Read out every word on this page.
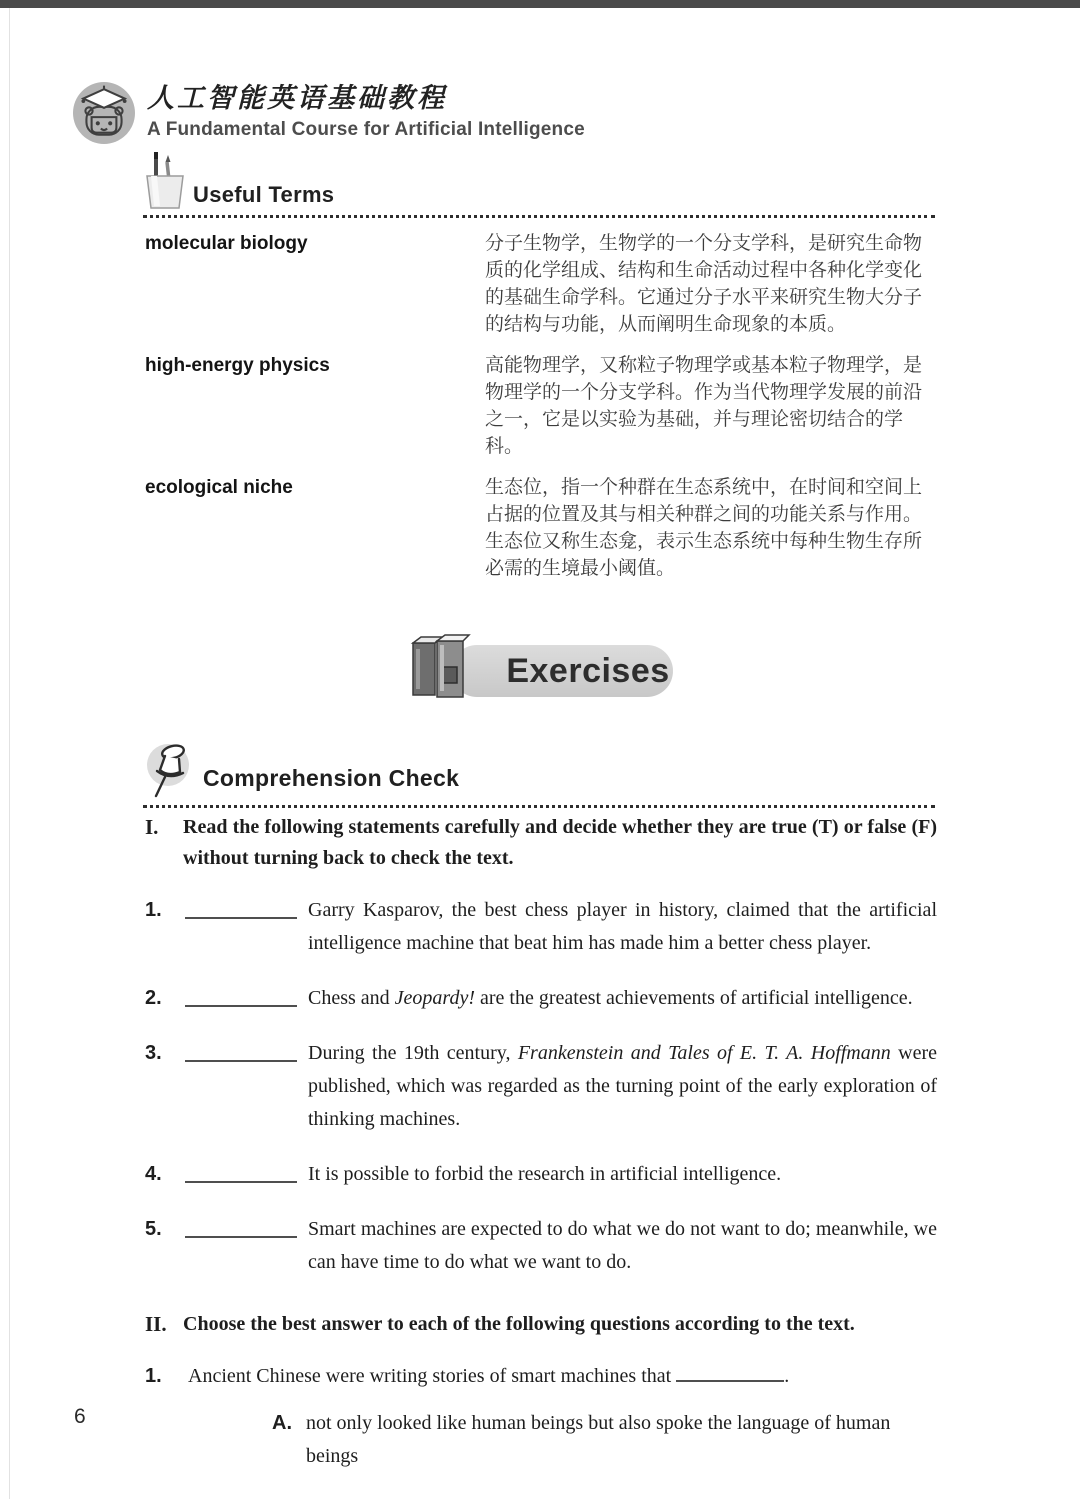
人工智能英语基础教程
A Fundamental Course for Artificial Intelligence
Useful Terms
molecular biology	分子生物学，生物学的一个分支学科，是研究生命物
质的化学组成、结构和生命活动过程中各种化学变化
的基础生命学科。它通过分子水平来研究生物大分子
的结构与功能，从而阐明生命现象的本质。
high-energy physics	高能物理学，又称粒子物理学或基本粒子物理学，是
物理学的一个分支学科。作为当代物理学发展的前沿
之一，它是以实验为基础，并与理论密切结合的学科。
ecological niche	生态位，指一个种群在生态系统中，在时间和空间上
占据的位置及其与相关种群之间的功能关系与作用。
生态位又称生态龛，表示生态系统中每种生物生存所
必需的生境最小阈值。
Exercises
Comprehension Check
I.	Read the following statements carefully and decide whether they are true (T) or false (F) without turning back to check the text.
1.	Garry Kasparov, the best chess player in history, claimed that the artificial intelligence machine that beat him has made him a better chess player.
2.	Chess and Jeopardy! are the greatest achievements of artificial intelligence.
3.	During the 19th century, Frankenstein and Tales of E. T. A. Hoffmann were published, which was regarded as the turning point of the early exploration of thinking machines.
4.	It is possible to forbid the research in artificial intelligence.
5.	Smart machines are expected to do what we do not want to do; meanwhile, we can have time to do what we want to do.
II. Choose the best answer to each of the following questions according to the text.
1.	Ancient Chinese were writing stories of smart machines that	.
A. not only looked like human beings but also spoke the language of human beings
6
